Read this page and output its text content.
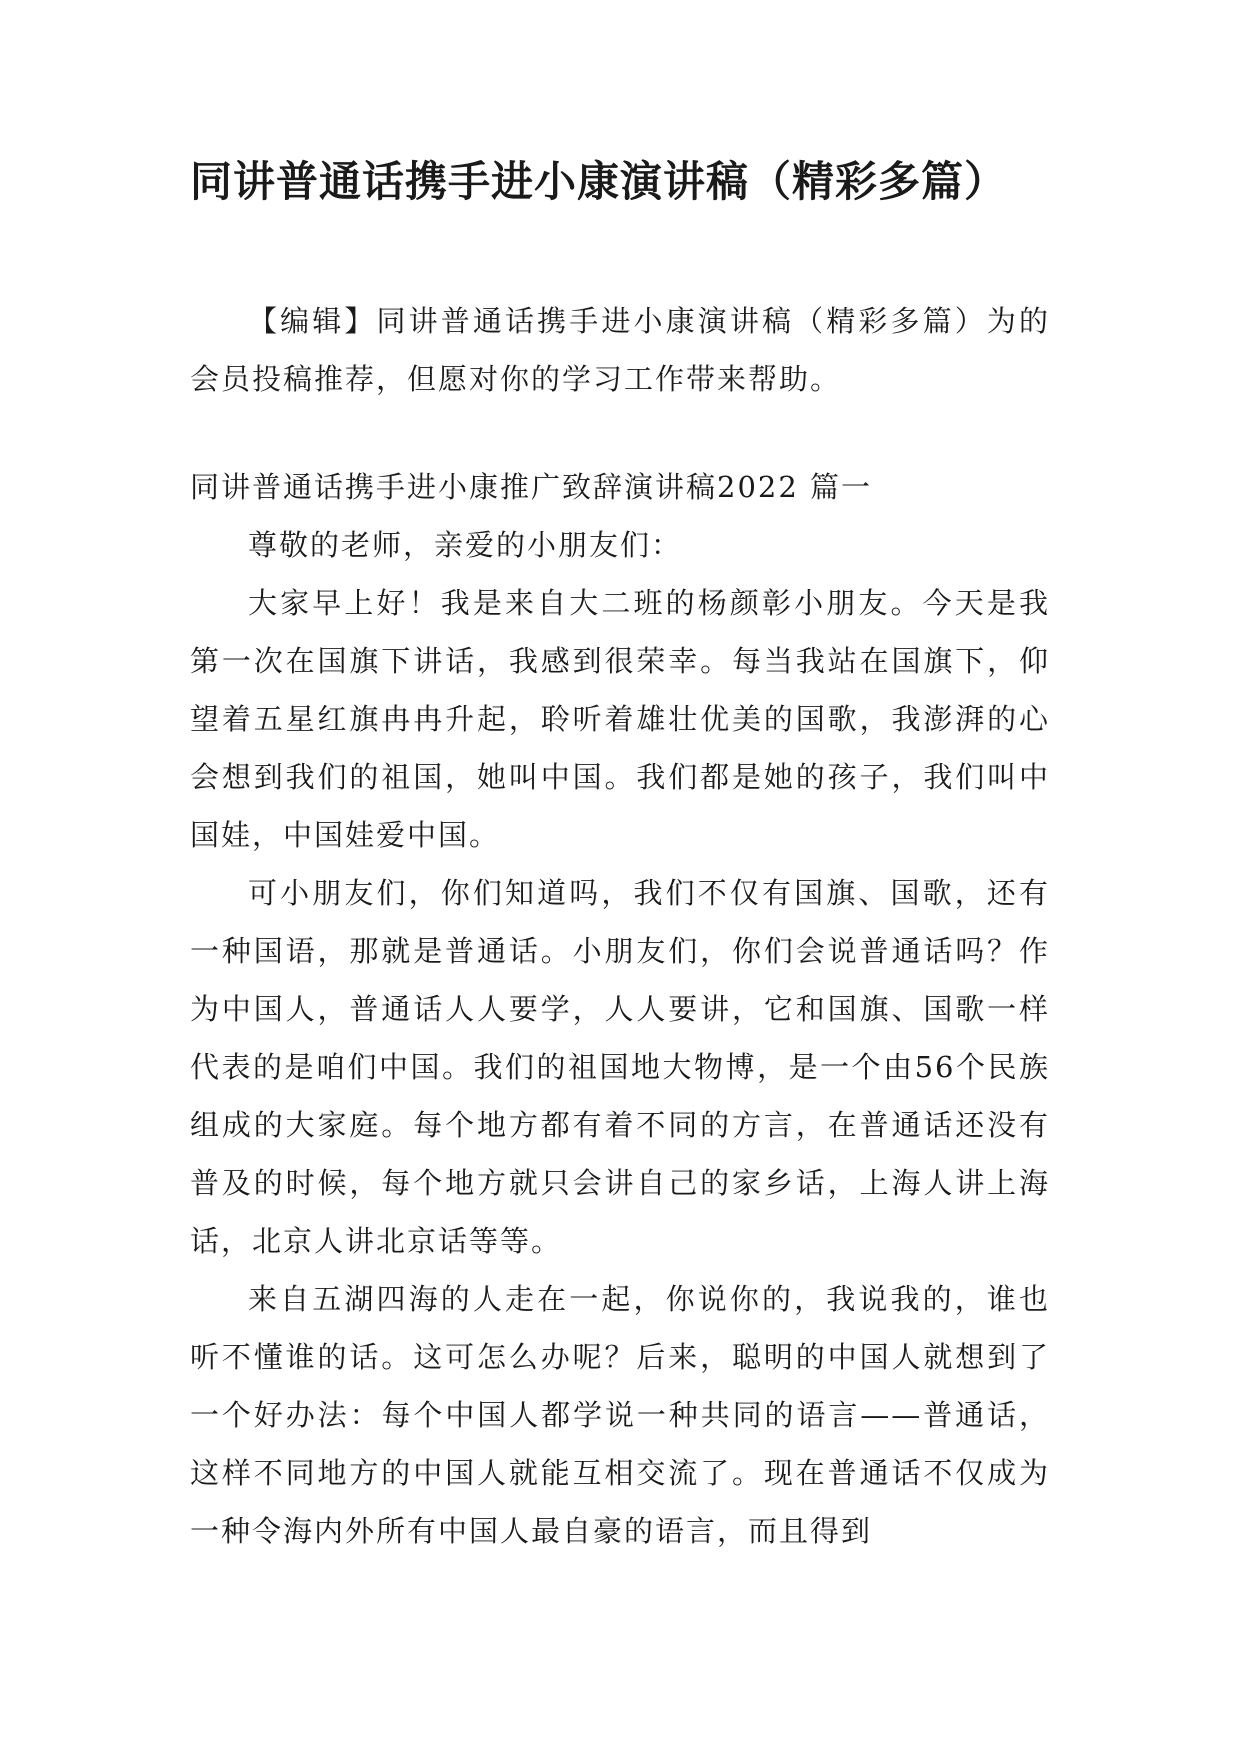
同讲普通话携手进小康演讲稿（精彩多篇）

【编辑】同讲普通话携手进小康演讲稿（精彩多篇）为的会员投稿推荐，但愿对你的学习工作带来帮助。

同讲普通话携手进小康推广致辞演讲稿2022 篇一

尊敬的老师，亲爱的小朋友们：

大家早上好！我是来自大二班的杨颜彰小朋友。今天是我第一次在国旗下讲话，我感到很荣幸。每当我站在国旗下，仰望着五星红旗冉冉升起，聆听着雄壮优美的国歌，我澎湃的心会想到我们的祖国，她叫中国。我们都是她的孩子，我们叫中国娃，中国娃爱中国。

可小朋友们，你们知道吗，我们不仅有国旗、国歌，还有一种国语，那就是普通话。小朋友们，你们会说普通话吗？作为中国人，普通话人人要学，人人要讲，它和国旗、国歌一样代表的是咱们中国。我们的祖国地大物博，是一个由56个民族组成的大家庭。每个地方都有着不同的方言，在普通话还没有普及的时候，每个地方就只会讲自己的家乡话，上海人讲上海话，北京人讲北京话等等。

来自五湖四海的人走在一起，你说你的，我说我的，谁也听不懂谁的话。这可怎么办呢？后来，聪明的中国人就想到了一个好办法：每个中国人都学说一种共同的语言——普通话，这样不同地方的中国人就能互相交流了。现在普通话不仅成为一种令海内外所有中国人最自豪的语言，而且得到
